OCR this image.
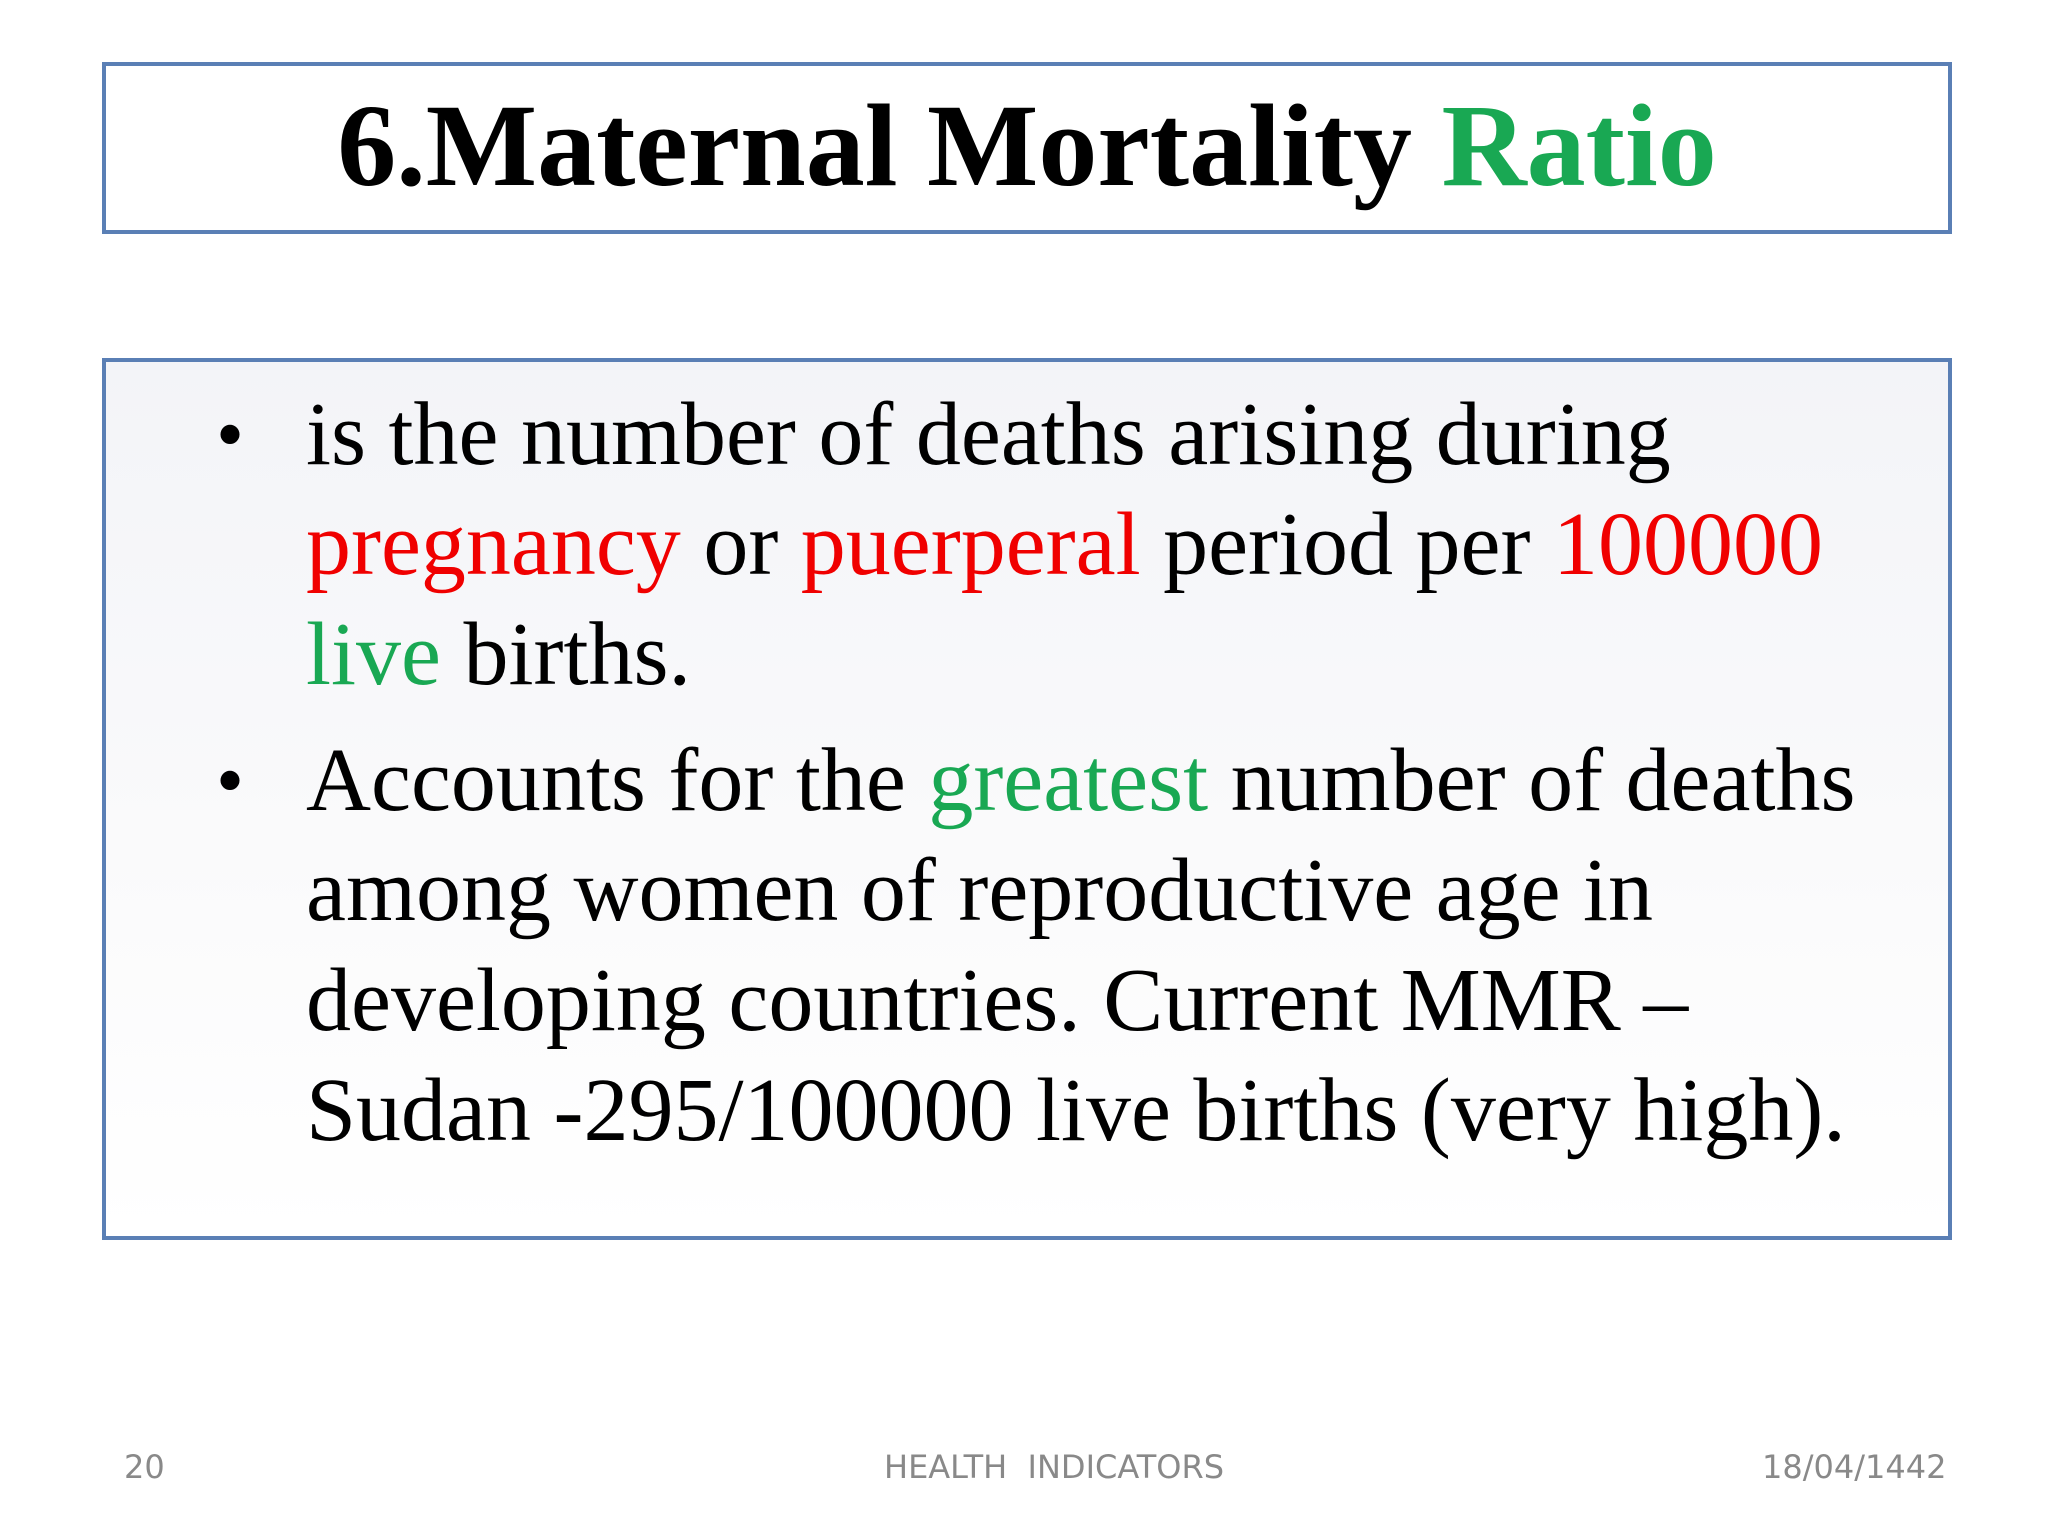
6.Maternal Mortality Ratio
• is the number of deaths arising during pregnancy or puerperal period per 100000 live births.
• Accounts for the greatest number of deaths among women of reproductive age in developing countries. Current MMR – Sudan -295/100000 live births (very high).
20	HEALTH  INDICATORS	18/04/1442
